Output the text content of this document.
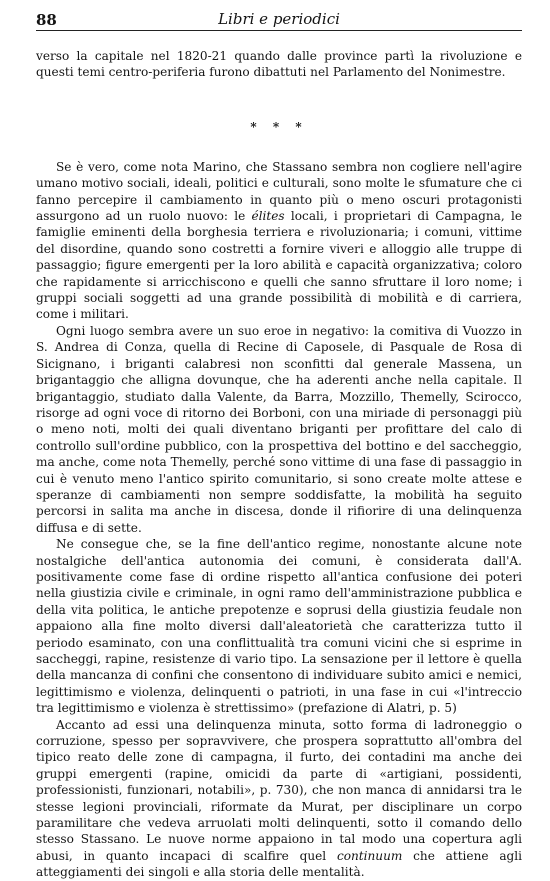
88	Libri e periodici

verso la capitale nel 1820-21 quando dalle province partì la rivoluzione e questi temi centro-periferia furono dibattuti nel Parlamento del Nonimestre.

* * *

Se è vero, come nota Marino, che Stassano sembra non cogliere nell'agire umano motivo sociali, ideali, politici e culturali, sono molte le sfumature che ci fanno percepire il cambiamento in quanto più o meno oscuri protagonisti assurgono ad un ruolo nuovo: le élites locali, i proprietari di Campagna, le famiglie eminenti della borghesia terriera e rivoluzionaria; i comuni, vittime del disordine, quando sono costretti a fornire viveri e alloggio alle truppe di passaggio; figure emergenti per la loro abilità e capacità organizzativa; coloro che rapidamente si arricchiscono e quelli che sanno sfruttare il loro nome; i gruppi sociali soggetti ad una grande possibilità di mobilità e di carriera, come i militari.

Ogni luogo sembra avere un suo eroe in negativo: la comitiva di Vuozzo in S. Andrea di Conza, quella di Recine di Caposele, di Pasquale de Rosa di Sicignano, i briganti calabresi non sconfitti dal generale Massena, un brigantaggio che alligna dovunque, che ha aderenti anche nella capitale. Il brigantaggio, studiato dalla Valente, da Barra, Mozzillo, Themelly, Scirocco, risorge ad ogni voce di ritorno dei Borboni, con una miriade di personaggi più o meno noti, molti dei quali diventano briganti per profittare del calo di controllo sull'ordine pubblico, con la prospettiva del bottino e del saccheggio, ma anche, come nota Themelly, perché sono vittime di una fase di passaggio in cui è venuto meno l'antico spirito comunitario, si sono create molte attese e speranze di cambiamenti non sempre soddisfatte, la mobilità ha seguito percorsi in salita ma anche in discesa, donde il rifiorire di una delinquenza diffusa e di sette.

Ne consegue che, se la fine dell'antico regime, nonostante alcune note nostalgiche dell'antica autonomia dei comuni, è considerata dall'A. positivamente come fase di ordine rispetto all'antica confusione dei poteri nella giustizia civile e criminale, in ogni ramo dell'amministrazione pubblica e della vita politica, le antiche prepotenze e soprusi della giustizia feudale non appaiono alla fine molto diversi dall'aleatorietà che caratterizza tutto il periodo esaminato, con una conflittualità tra comuni vicini che si esprime in saccheggi, rapine, resistenze di vario tipo. La sensazione per il lettore è quella della mancanza di confini che consentono di individuare subito amici e nemici, legittimismo e violenza, delinquenti o patrioti, in una fase in cui «l'intreccio tra legittimismo e violenza è strettissimo» (prefazione di Alatri, p. 5)

Accanto ad essi una delinquenza minuta, sotto forma di ladroneggio o corruzione, spesso per sopravvivere, che prospera soprattutto all'ombra del tipico reato delle zone di campagna, il furto, dei contadini ma anche dei gruppi emergenti (rapine, omicidi da parte di «artigiani, possidenti, professionisti, funzionari, notabili», p. 730), che non manca di annidarsi tra le stesse legioni provinciali, riformate da Murat, per disciplinare un corpo paramilitare che vedeva arruolati molti delinquenti, sotto il comando dello stesso Stassano. Le nuove norme appaiono in tal modo una copertura agli abusi, in quanto incapaci di scalfire quel continuum che attiene agli atteggiamenti dei singoli e alla storia delle mentalità.
